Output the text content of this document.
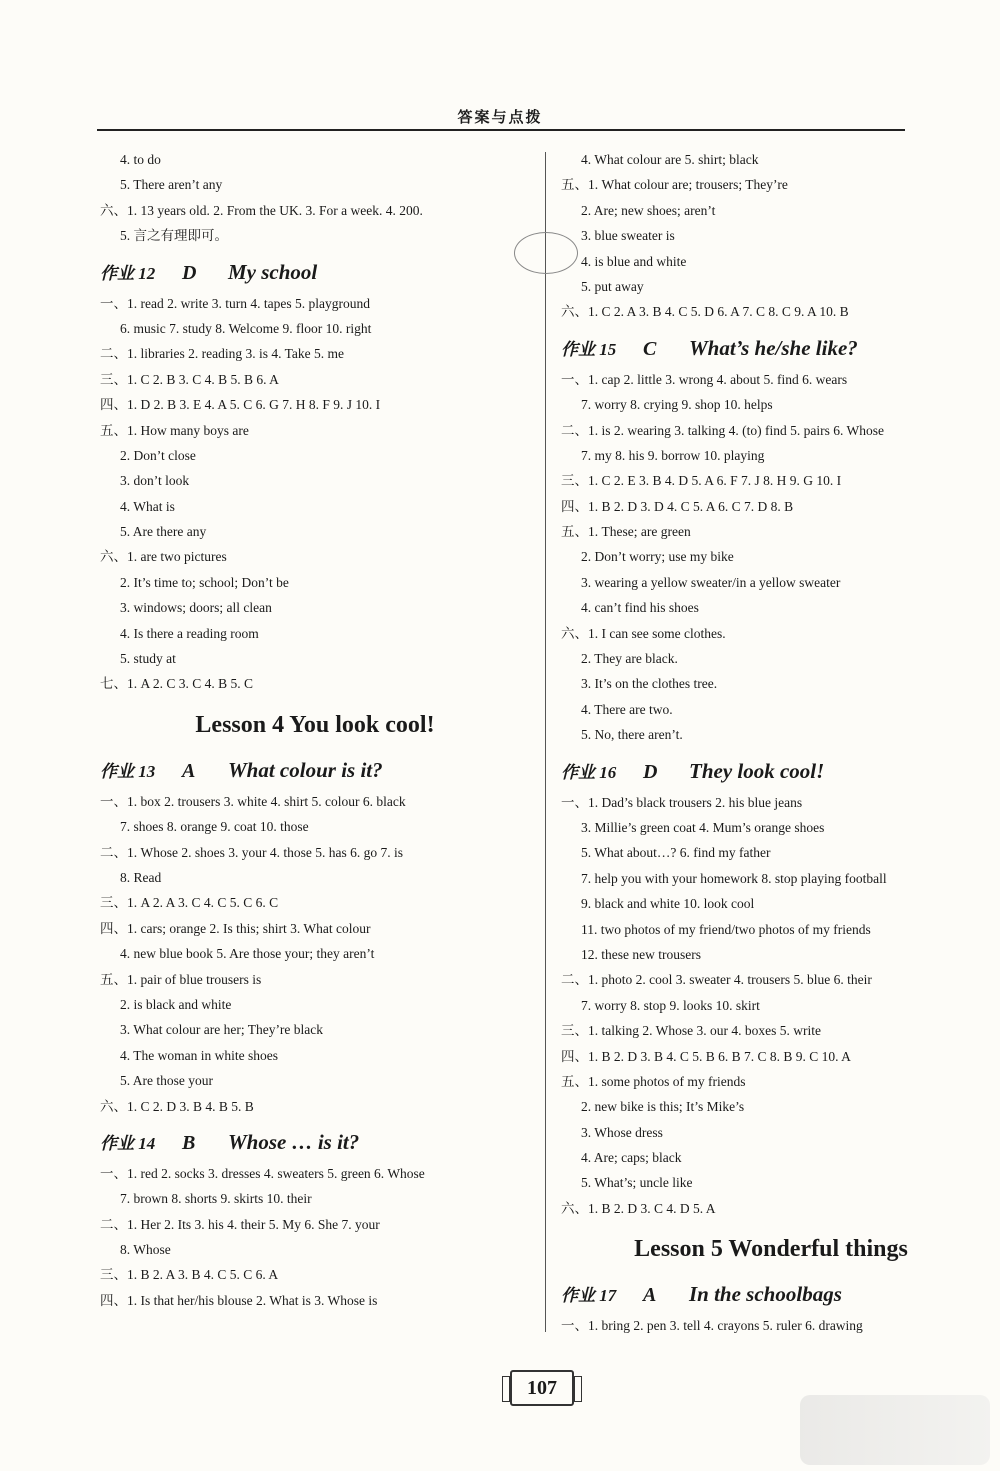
答案与点拨
4. to do
5. There aren’t any
六、1. 13 years old. 2. From the UK. 3. For a week. 4. 200.
5. 言之有理即可。
作业 12 D My school
一、1. read 2. write 3. turn 4. tapes 5. playground
6. music 7. study 8. Welcome 9. floor 10. right
二、1. libraries 2. reading 3. is 4. Take 5. me
三、1. C 2. B 3. C 4. B 5. B 6. A
四、1. D 2. B 3. E 4. A 5. C 6. G 7. H 8. F 9. J 10. I
五、1. How many boys are
2. Don’t close
3. don’t look
4. What is
5. Are there any
六、1. are two pictures
2. It’s time to; school; Don’t be
3. windows; doors; all clean
4. Is there a reading room
5. study at
七、1. A 2. C 3. C 4. B 5. C
Lesson 4 You look cool!
作业 13 A What colour is it?
一、1. box 2. trousers 3. white 4. shirt 5. colour 6. black
7. shoes 8. orange 9. coat 10. those
二、1. Whose 2. shoes 3. your 4. those 5. has 6. go 7. is
8. Read
三、1. A 2. A 3. C 4. C 5. C 6. C
四、1. cars; orange 2. Is this; shirt 3. What colour
4. new blue book 5. Are those your; they aren’t
五、1. pair of blue trousers is
2. is black and white
3. What colour are her; They’re black
4. The woman in white shoes
5. Are those your
六、1. C 2. D 3. B 4. B 5. B
作业 14 B Whose … is it?
一、1. red 2. socks 3. dresses 4. sweaters 5. green 6. Whose
7. brown 8. shorts 9. skirts 10. their
二、1. Her 2. Its 3. his 4. their 5. My 6. She 7. your
8. Whose
三、1. B 2. A 3. B 4. C 5. C 6. A
四、1. Is that her/his blouse 2. What is 3. Whose is
4. What colour are 5. shirt; black
五、1. What colour are; trousers; They’re
2. Are; new shoes; aren’t
3. blue sweater is
4. is blue and white
5. put away
六、1. C 2. A 3. B 4. C 5. D 6. A 7. C 8. C 9. A 10. B
作业 15 C What’s he/she like?
一、1. cap 2. little 3. wrong 4. about 5. find 6. wears
7. worry 8. crying 9. shop 10. helps
二、1. is 2. wearing 3. talking 4. (to) find 5. pairs 6. Whose
7. my 8. his 9. borrow 10. playing
三、1. C 2. E 3. B 4. D 5. A 6. F 7. J 8. H 9. G 10. I
四、1. B 2. D 3. D 4. C 5. A 6. C 7. D 8. B
五、1. These; are green
2. Don’t worry; use my bike
3. wearing a yellow sweater/in a yellow sweater
4. can’t find his shoes
六、1. I can see some clothes.
2. They are black.
3. It’s on the clothes tree.
4. There are two.
5. No, there aren’t.
作业 16 D They look cool!
一、1. Dad’s black trousers 2. his blue jeans
3. Millie’s green coat 4. Mum’s orange shoes
5. What about…? 6. find my father
7. help you with your homework 8. stop playing football
9. black and white 10. look cool
11. two photos of my friend/two photos of my friends
12. these new trousers
二、1. photo 2. cool 3. sweater 4. trousers 5. blue 6. their
7. worry 8. stop 9. looks 10. skirt
三、1. talking 2. Whose 3. our 4. boxes 5. write
四、1. B 2. D 3. B 4. C 5. B 6. B 7. C 8. B 9. C 10. A
五、1. some photos of my friends
2. new bike is this; It’s Mike’s
3. Whose dress
4. Are; caps; black
5. What’s; uncle like
六、1. B 2. D 3. C 4. D 5. A
Lesson 5 Wonderful things
作业 17 A In the schoolbags
一、1. bring 2. pen 3. tell 4. crayons 5. ruler 6. drawing
107
